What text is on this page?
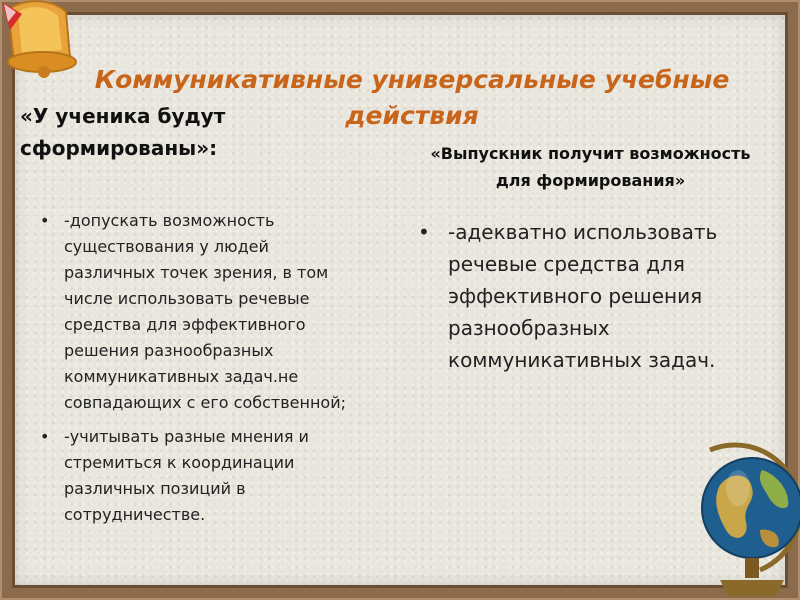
Коммуникативные универсальные учебные действия

«У ученика будут сформированы»:

• -допускать возможность существования у людей различных точек зрения, в том числе использовать речевые средства для эффективного решения разнообразных коммуникативных задач.не совпадающих с его собственной;
• -учитывать разные мнения и стремиться к координации различных позиций в сотрудничестве.

«Выпускник получит возможность для формирования»

• -адекватно использовать речевые средства для эффективного решения разнообразных коммуникативных задач.
